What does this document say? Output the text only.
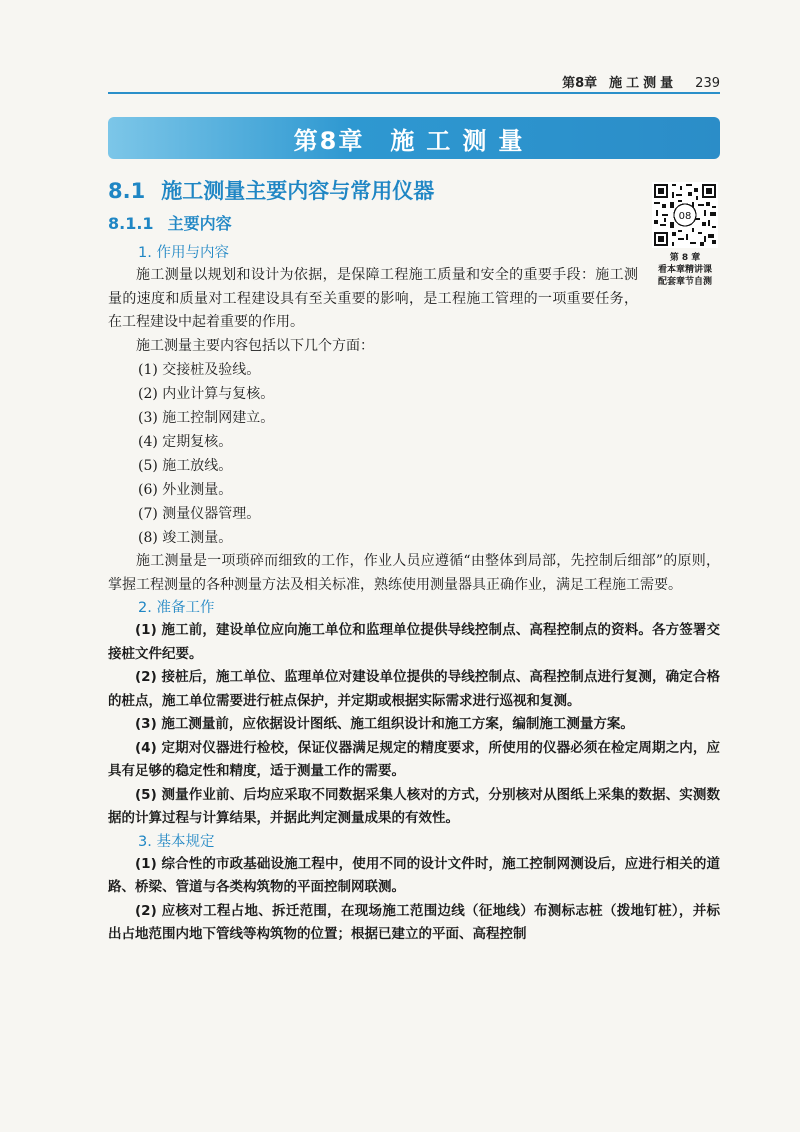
第8章 施工测量 239
第8章 施工测量
08
第 8 章
看本章精讲课
配套章节自测
8.1 施工测量主要内容与常用仪器
8.1.1 主要内容
1. 作用与内容

施工测量以规划和设计为依据，是保障工程施工质量和安全的重要手段：施工测量的速度和质量对工程建设具有至关重要的影响，是工程施工管理的一项重要任务，在工程建设中起着重要的作用。

施工测量主要内容包括以下几个方面：

(1) 交接桩及验线。
(2) 内业计算与复核。
(3) 施工控制网建立。
(4) 定期复核。
(5) 施工放线。
(6) 外业测量。
(7) 测量仪器管理。
(8) 竣工测量。

施工测量是一项琐碎而细致的工作，作业人员应遵循“由整体到局部，先控制后细部”的原则，掌握工程测量的各种测量方法及相关标准，熟练使用测量器具正确作业，满足工程施工需要。

2. 准备工作

(1) 施工前，建设单位应向施工单位和监理单位提供导线控制点、高程控制点的资料。各方签署交接桩文件纪要。

(2) 接桩后，施工单位、监理单位对建设单位提供的导线控制点、高程控制点进行复测，确定合格的桩点，施工单位需要进行桩点保护，并定期或根据实际需求进行巡视和复测。

(3) 施工测量前，应依据设计图纸、施工组织设计和施工方案，编制施工测量方案。

(4) 定期对仪器进行检校，保证仪器满足规定的精度要求，所使用的仪器必须在检定周期之内，应具有足够的稳定性和精度，适于测量工作的需要。

(5) 测量作业前、后均应采取不同数据采集人核对的方式，分别核对从图纸上采集的数据、实测数据的计算过程与计算结果，并据此判定测量成果的有效性。

3. 基本规定

(1) 综合性的市政基础设施工程中，使用不同的设计文件时，施工控制网测设后，应进行相关的道路、桥梁、管道与各类构筑物的平面控制网联测。

(2) 应核对工程占地、拆迁范围，在现场施工范围边线（征地线）布测标志桩（拨地钉桩），并标出占地范围内地下管线等构筑物的位置；根据已建立的平面、高程控制
